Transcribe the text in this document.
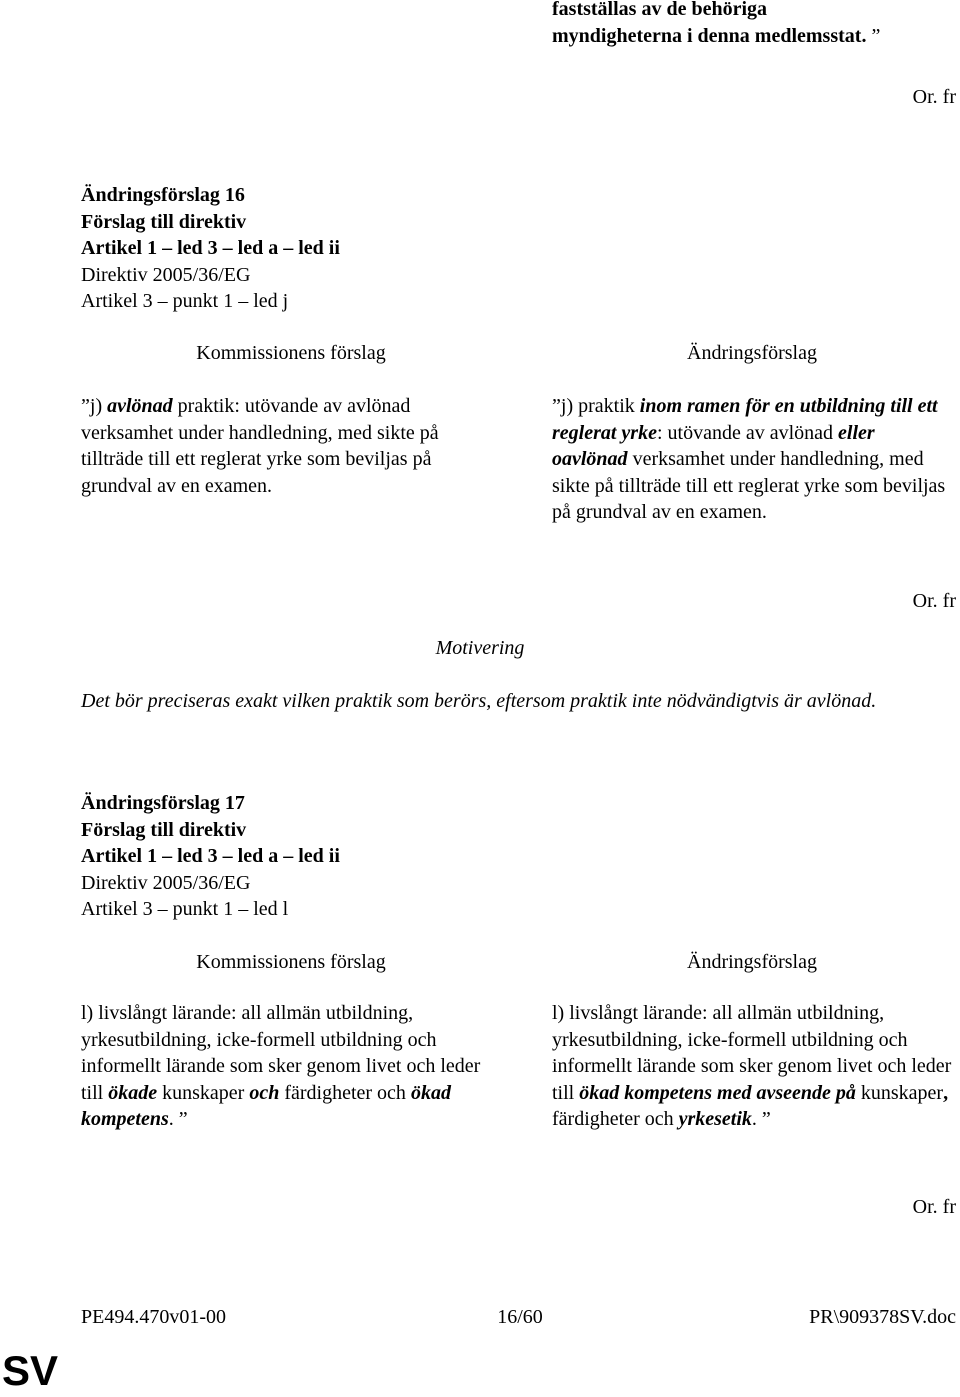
fastställas av de behöriga
myndigheterna i denna medlemsstat. ”
Or. fr
Ändringsförslag 16
Förslag till direktiv
Artikel 1 – led 3 – led a – led ii
Direktiv 2005/36/EG
Artikel 3 – punkt 1 – led j
Kommissionens förslag	Ändringsförslag
”j) avlönad praktik: utövande av avlönad verksamhet under handledning, med sikte på tillträde till ett reglerat yrke som beviljas på grundval av en examen.
”j) praktik inom ramen för en utbildning till ett reglerat yrke: utövande av avlönad eller oavlönad verksamhet under handledning, med sikte på tillträde till ett reglerat yrke som beviljas på grundval av en examen.
Or. fr
Motivering
Det bör preciseras exakt vilken praktik som berörs, eftersom praktik inte nödvändigtvis är avlönad.
Ändringsförslag 17
Förslag till direktiv
Artikel 1 – led 3 – led a – led ii
Direktiv 2005/36/EG
Artikel 3 – punkt 1 – led l
Kommissionens förslag	Ändringsförslag
l) livslångt lärande: all allmän utbildning, yrkesutbildning, icke-formell utbildning och informellt lärande som sker genom livet och leder till ökade kunskaper och färdigheter och ökad kompetens. ”
l) livslångt lärande: all allmän utbildning, yrkesutbildning, icke-formell utbildning och informellt lärande som sker genom livet och leder till ökad kompetens med avseende på kunskaper, färdigheter och yrkesetik. ”
Or. fr
PE494.470v01-00	16/60	PR\909378SV.doc
SV
